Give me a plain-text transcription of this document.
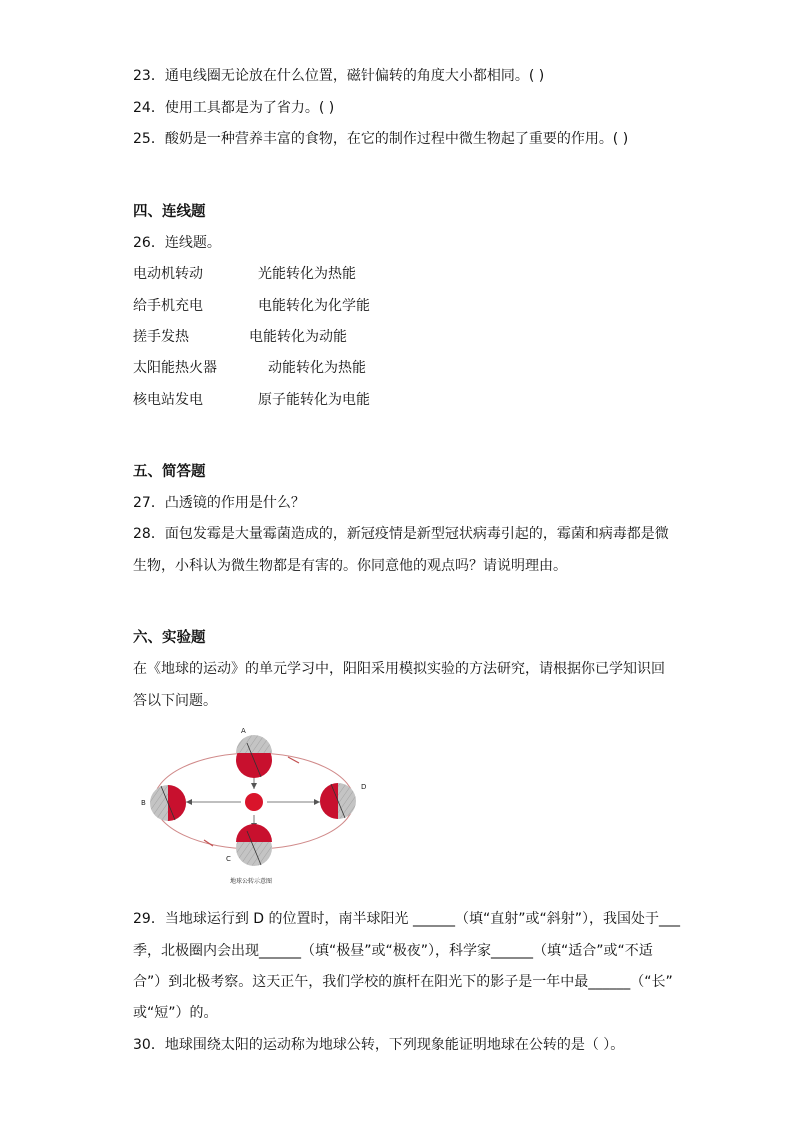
23．通电线圈无论放在什么位置，磁针偏转的角度大小都相同。( )
24．使用工具都是为了省力。( )
25．酸奶是一种营养丰富的食物，在它的制作过程中微生物起了重要的作用。( )
四、连线题
26．连线题。
电动机转动	光能转化为热能
给手机充电	电能转化为化学能
搓手发热	电能转化为动能
太阳能热火器	动能转化为热能
核电站发电	原子能转化为电能
五、简答题
27．凸透镜的作用是什么？
28．面包发霉是大量霉菌造成的，新冠疫情是新型冠状病毒引起的，霉菌和病毒都是微
生物，小科认为微生物都是有害的。你同意他的观点吗？请说明理由。
六、实验题
在《地球的运动》的单元学习中，阳阳采用模拟实验的方法研究，请根据你已学知识回
答以下问题。
A
B
C
D
地球公转示意图
29．当地球运行到 D 的位置时，南半球阳光 ______（填“直射”或“斜射”），我国处于___
季，北极圈内会出现______（填“极昼”或“极夜”），科学家______（填“适合”或“不适
合”）到北极考察。这天正午，我们学校的旗杆在阳光下的影子是一年中最______（“长”
或“短”）的。
30．地球围绕太阳的运动称为地球公转，下列现象能证明地球在公转的是（ ）。
